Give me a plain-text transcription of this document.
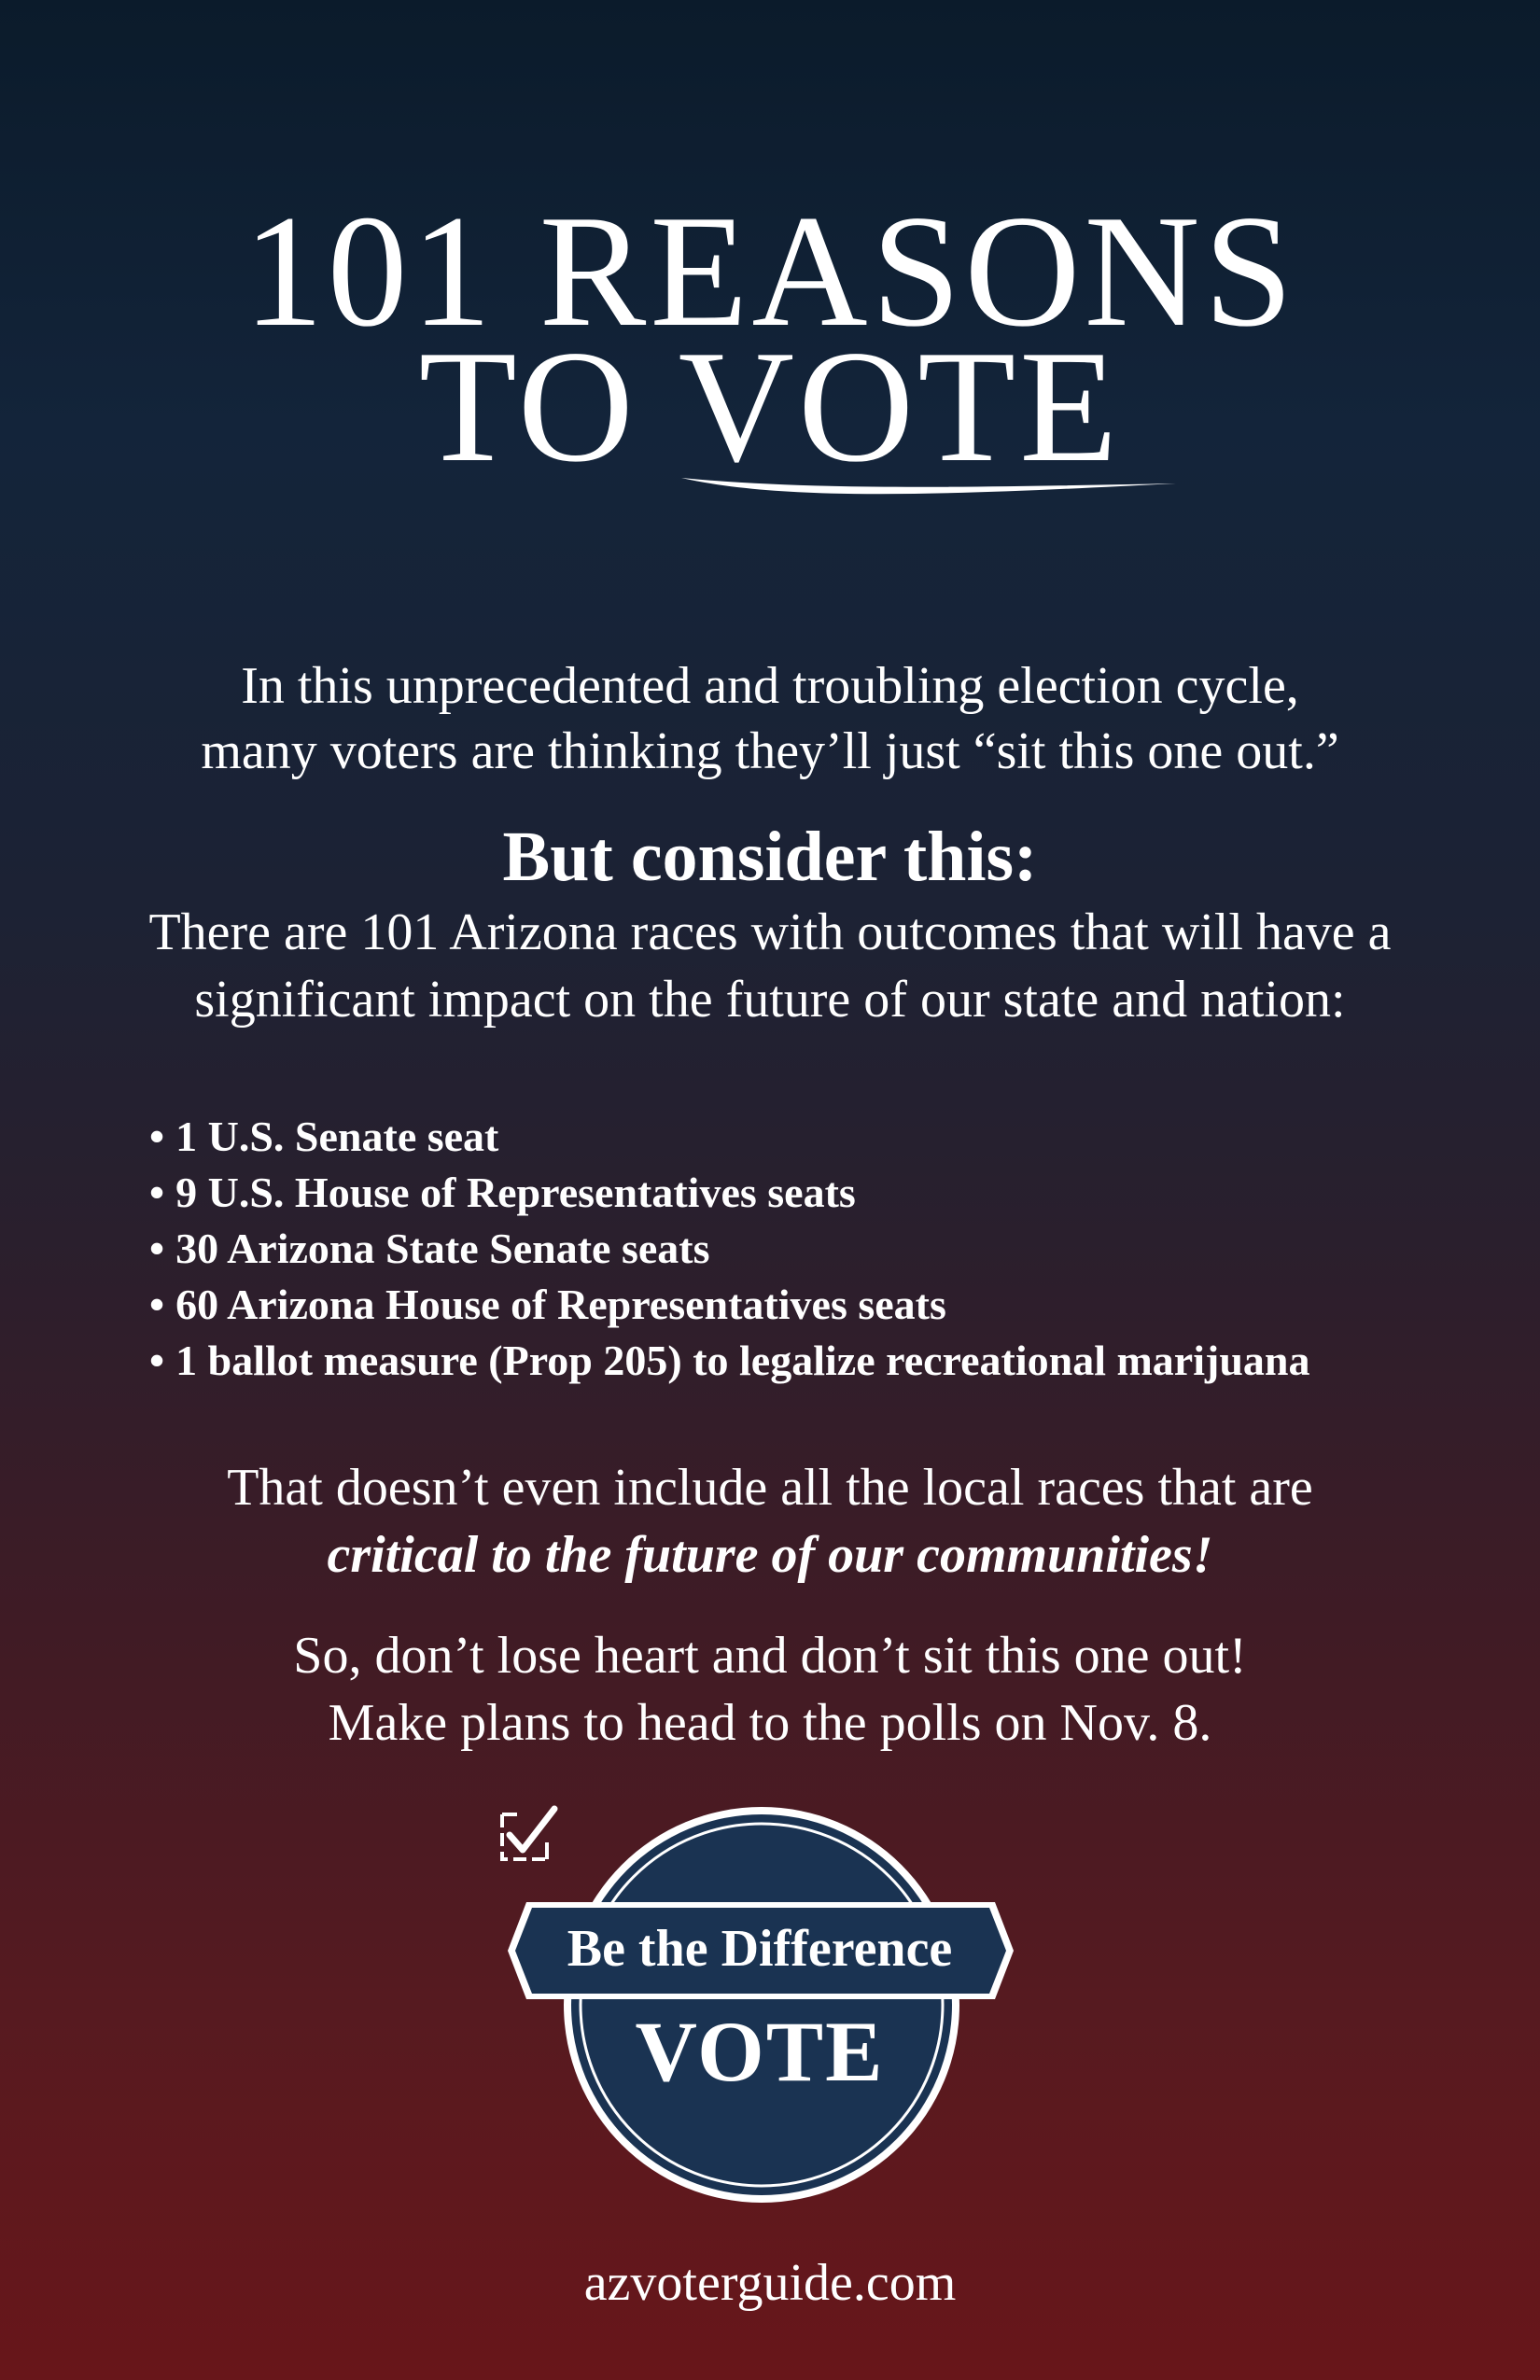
101 REASONS
TO VOTE
In this unprecedented and troubling election cycle,
many voters are thinking they’ll just “sit this one out.”
But consider this:
There are 101 Arizona races with outcomes that will have a
significant impact on the future of our state and nation:
• 1 U.S. Senate seat
• 9 U.S. House of Representatives seats
• 30 Arizona State Senate seats
• 60 Arizona House of Representatives seats
• 1 ballot measure (Prop 205) to legalize recreational marijuana
That doesn’t even include all the local races that are
critical to the future of our communities!
So, don’t lose heart and don’t sit this one out!
Make plans to head to the polls on Nov. 8.
Be the Difference
VOTE
azvoterguide.com
